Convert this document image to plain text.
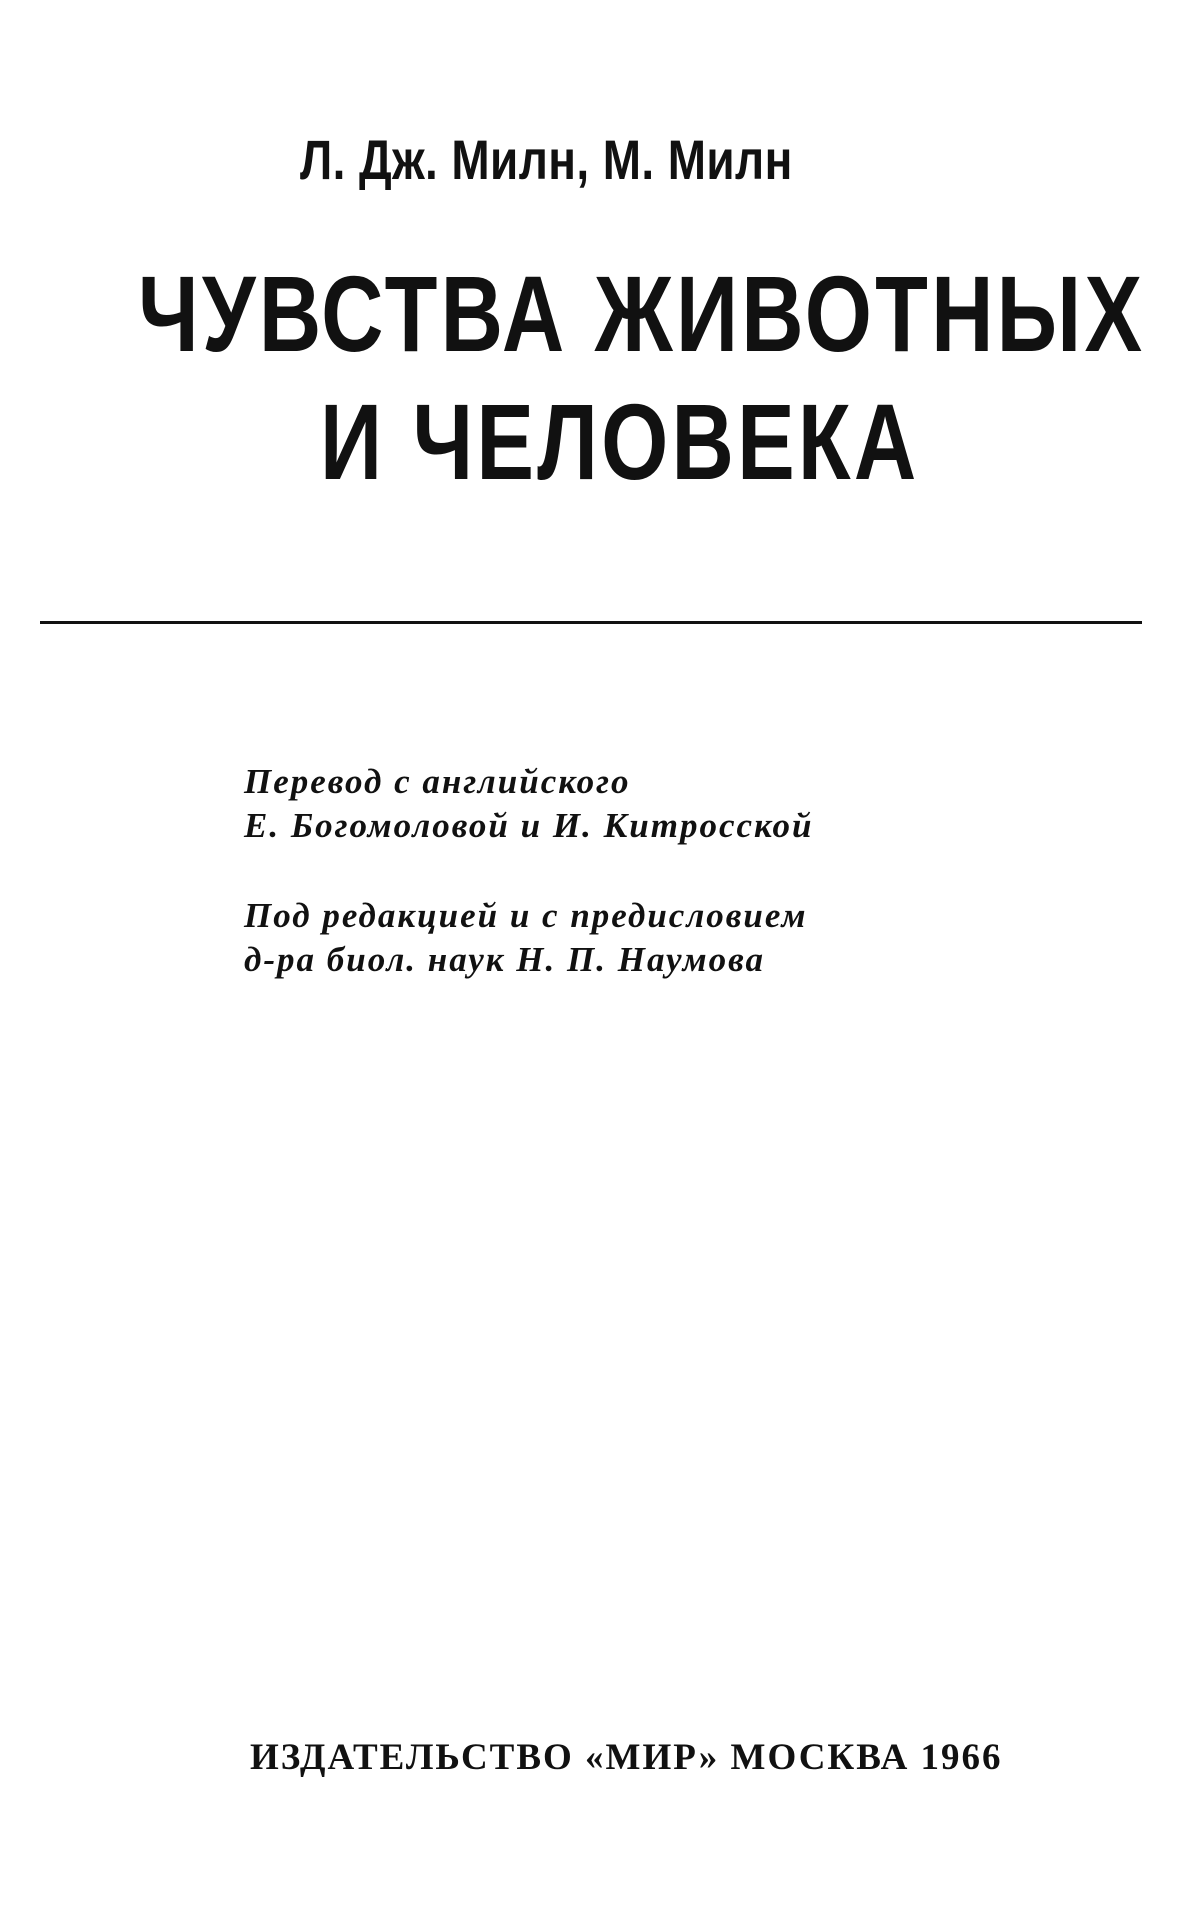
Л. Дж. Милн, М. Милн
ЧУВСТВА ЖИВОТНЫХ
И ЧЕЛОВЕКА
Перевод с английского
Е. Богомоловой и И. Китросской
Под редакцией и с предисловием
д-ра биол. наук Н. П. Наумова
ИЗДАТЕЛЬСТВО «МИР» МОСКВА 1966
